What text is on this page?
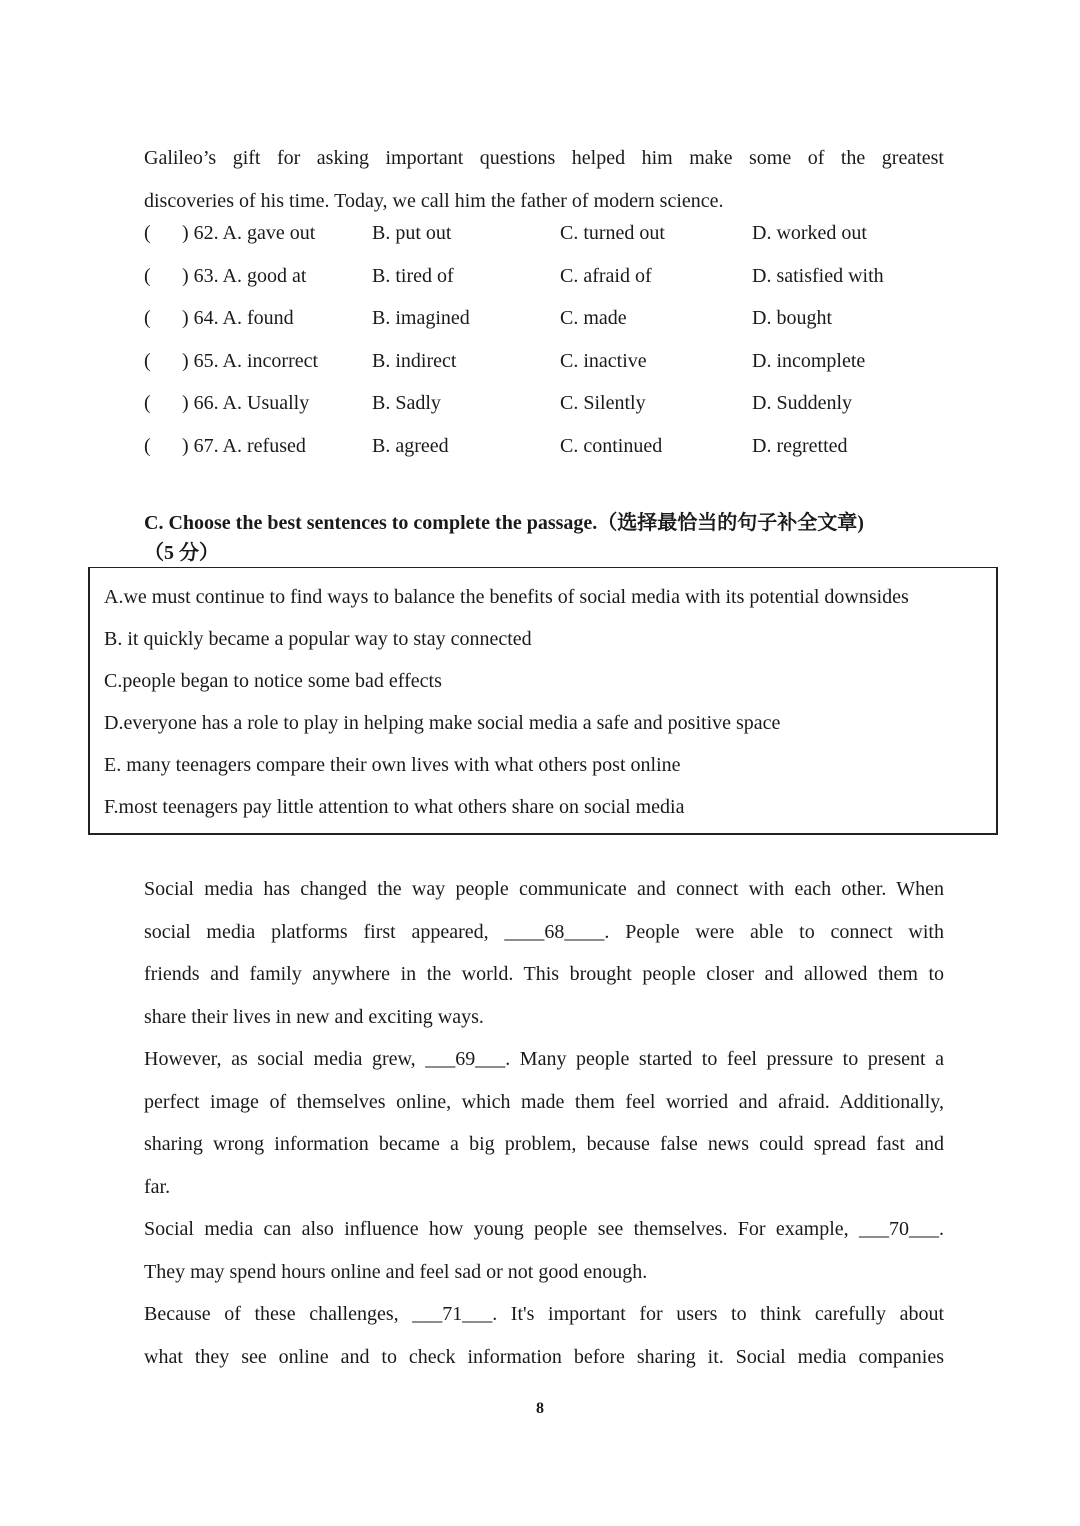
Galileo’s gift for asking important questions helped him make some of the greatest
discoveries of his time. Today, we call him the father of modern science.
( ) 62. A. gave out	B. put out	C. turned out	D. worked out
( ) 63. A. good at	B. tired of	C. afraid of	D. satisfied with
( ) 64. A. found	B. imagined	C. made	D. bought
( ) 65. A. incorrect	B. indirect	C. inactive	D. incomplete
( ) 66. A. Usually	B. Sadly	C. Silently	D. Suddenly
( ) 67. A. refused	B. agreed	C. continued	D. regretted
C. Choose the best sentences to complete the passage.（选择最恰当的句子补全文章)
（5 分）
A.we must continue to find ways to balance the benefits of social media with its potential downsides
B. it quickly became a popular way to stay connected
C.people began to notice some bad effects
D.everyone has a role to play in helping make social media a safe and positive space
E. many teenagers compare their own lives with what others post online
F.most teenagers pay little attention to what others share on social media
Social media has changed the way people communicate and connect with each other. When
social media platforms first appeared, ____68____. People were able to connect with
friends and family anywhere in the world. This brought people closer and allowed them to
share their lives in new and exciting ways.
However, as social media grew, ___69___. Many people started to feel pressure to present a
perfect image of themselves online, which made them feel worried and afraid. Additionally,
sharing wrong information became a big problem, because false news could spread fast and
far.
Social media can also influence how young people see themselves. For example, ___70___.
They may spend hours online and feel sad or not good enough.
Because of these challenges, ___71___. It's important for users to think carefully about
what they see online and to check information before sharing it. Social media companies
8
